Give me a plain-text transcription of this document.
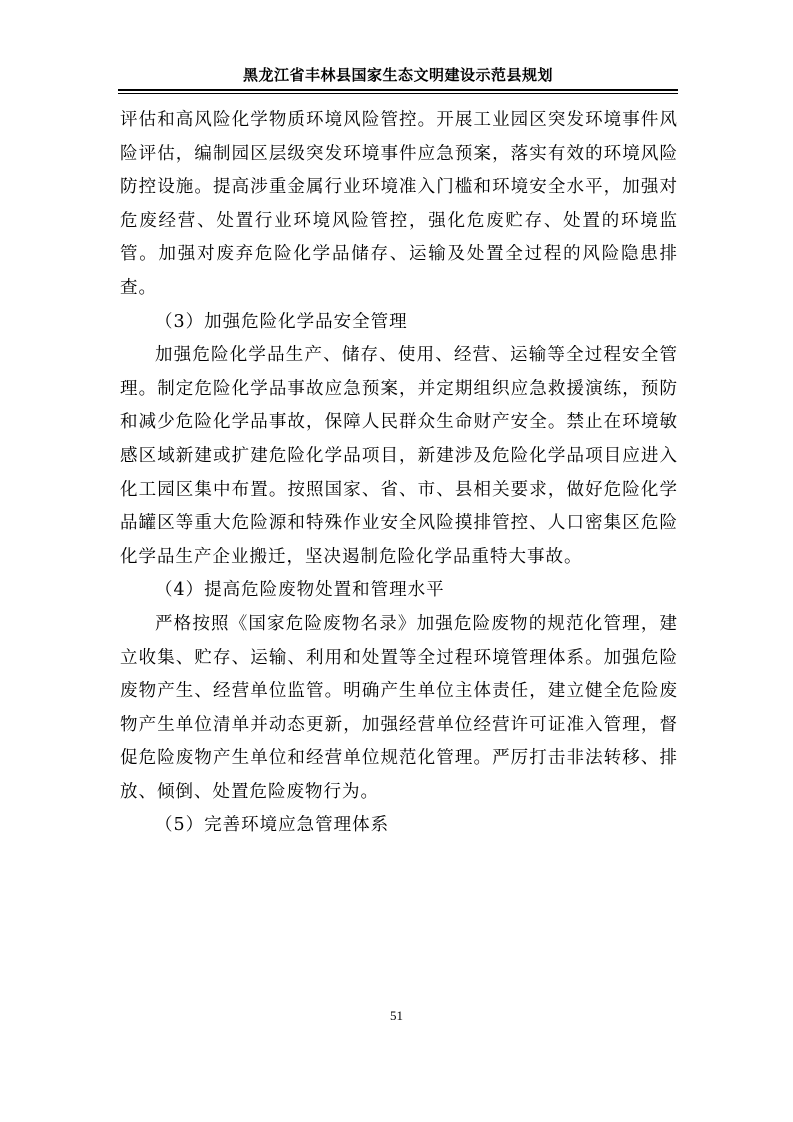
黑龙江省丰林县国家生态文明建设示范县规划

评估和高风险化学物质环境风险管控。开展工业园区突发环境事件风险评估，编制园区层级突发环境事件应急预案，落实有效的环境风险防控设施。提高涉重金属行业环境准入门槛和环境安全水平，加强对危废经营、处置行业环境风险管控，强化危废贮存、处置的环境监管。加强对废弃危险化学品储存、运输及处置全过程的风险隐患排查。

（3）加强危险化学品安全管理

加强危险化学品生产、储存、使用、经营、运输等全过程安全管理。制定危险化学品事故应急预案，并定期组织应急救援演练，预防和减少危险化学品事故，保障人民群众生命财产安全。禁止在环境敏感区域新建或扩建危险化学品项目，新建涉及危险化学品项目应进入化工园区集中布置。按照国家、省、市、县相关要求，做好危险化学品罐区等重大危险源和特殊作业安全风险摸排管控、人口密集区危险化学品生产企业搬迁，坚决遏制危险化学品重特大事故。

（4）提高危险废物处置和管理水平

严格按照《国家危险废物名录》加强危险废物的规范化管理，建立收集、贮存、运输、利用和处置等全过程环境管理体系。加强危险废物产生、经营单位监管。明确产生单位主体责任，建立健全危险废物产生单位清单并动态更新，加强经营单位经营许可证准入管理，督促危险废物产生单位和经营单位规范化管理。严厉打击非法转移、排放、倾倒、处置危险废物行为。

（5）完善环境应急管理体系

51
